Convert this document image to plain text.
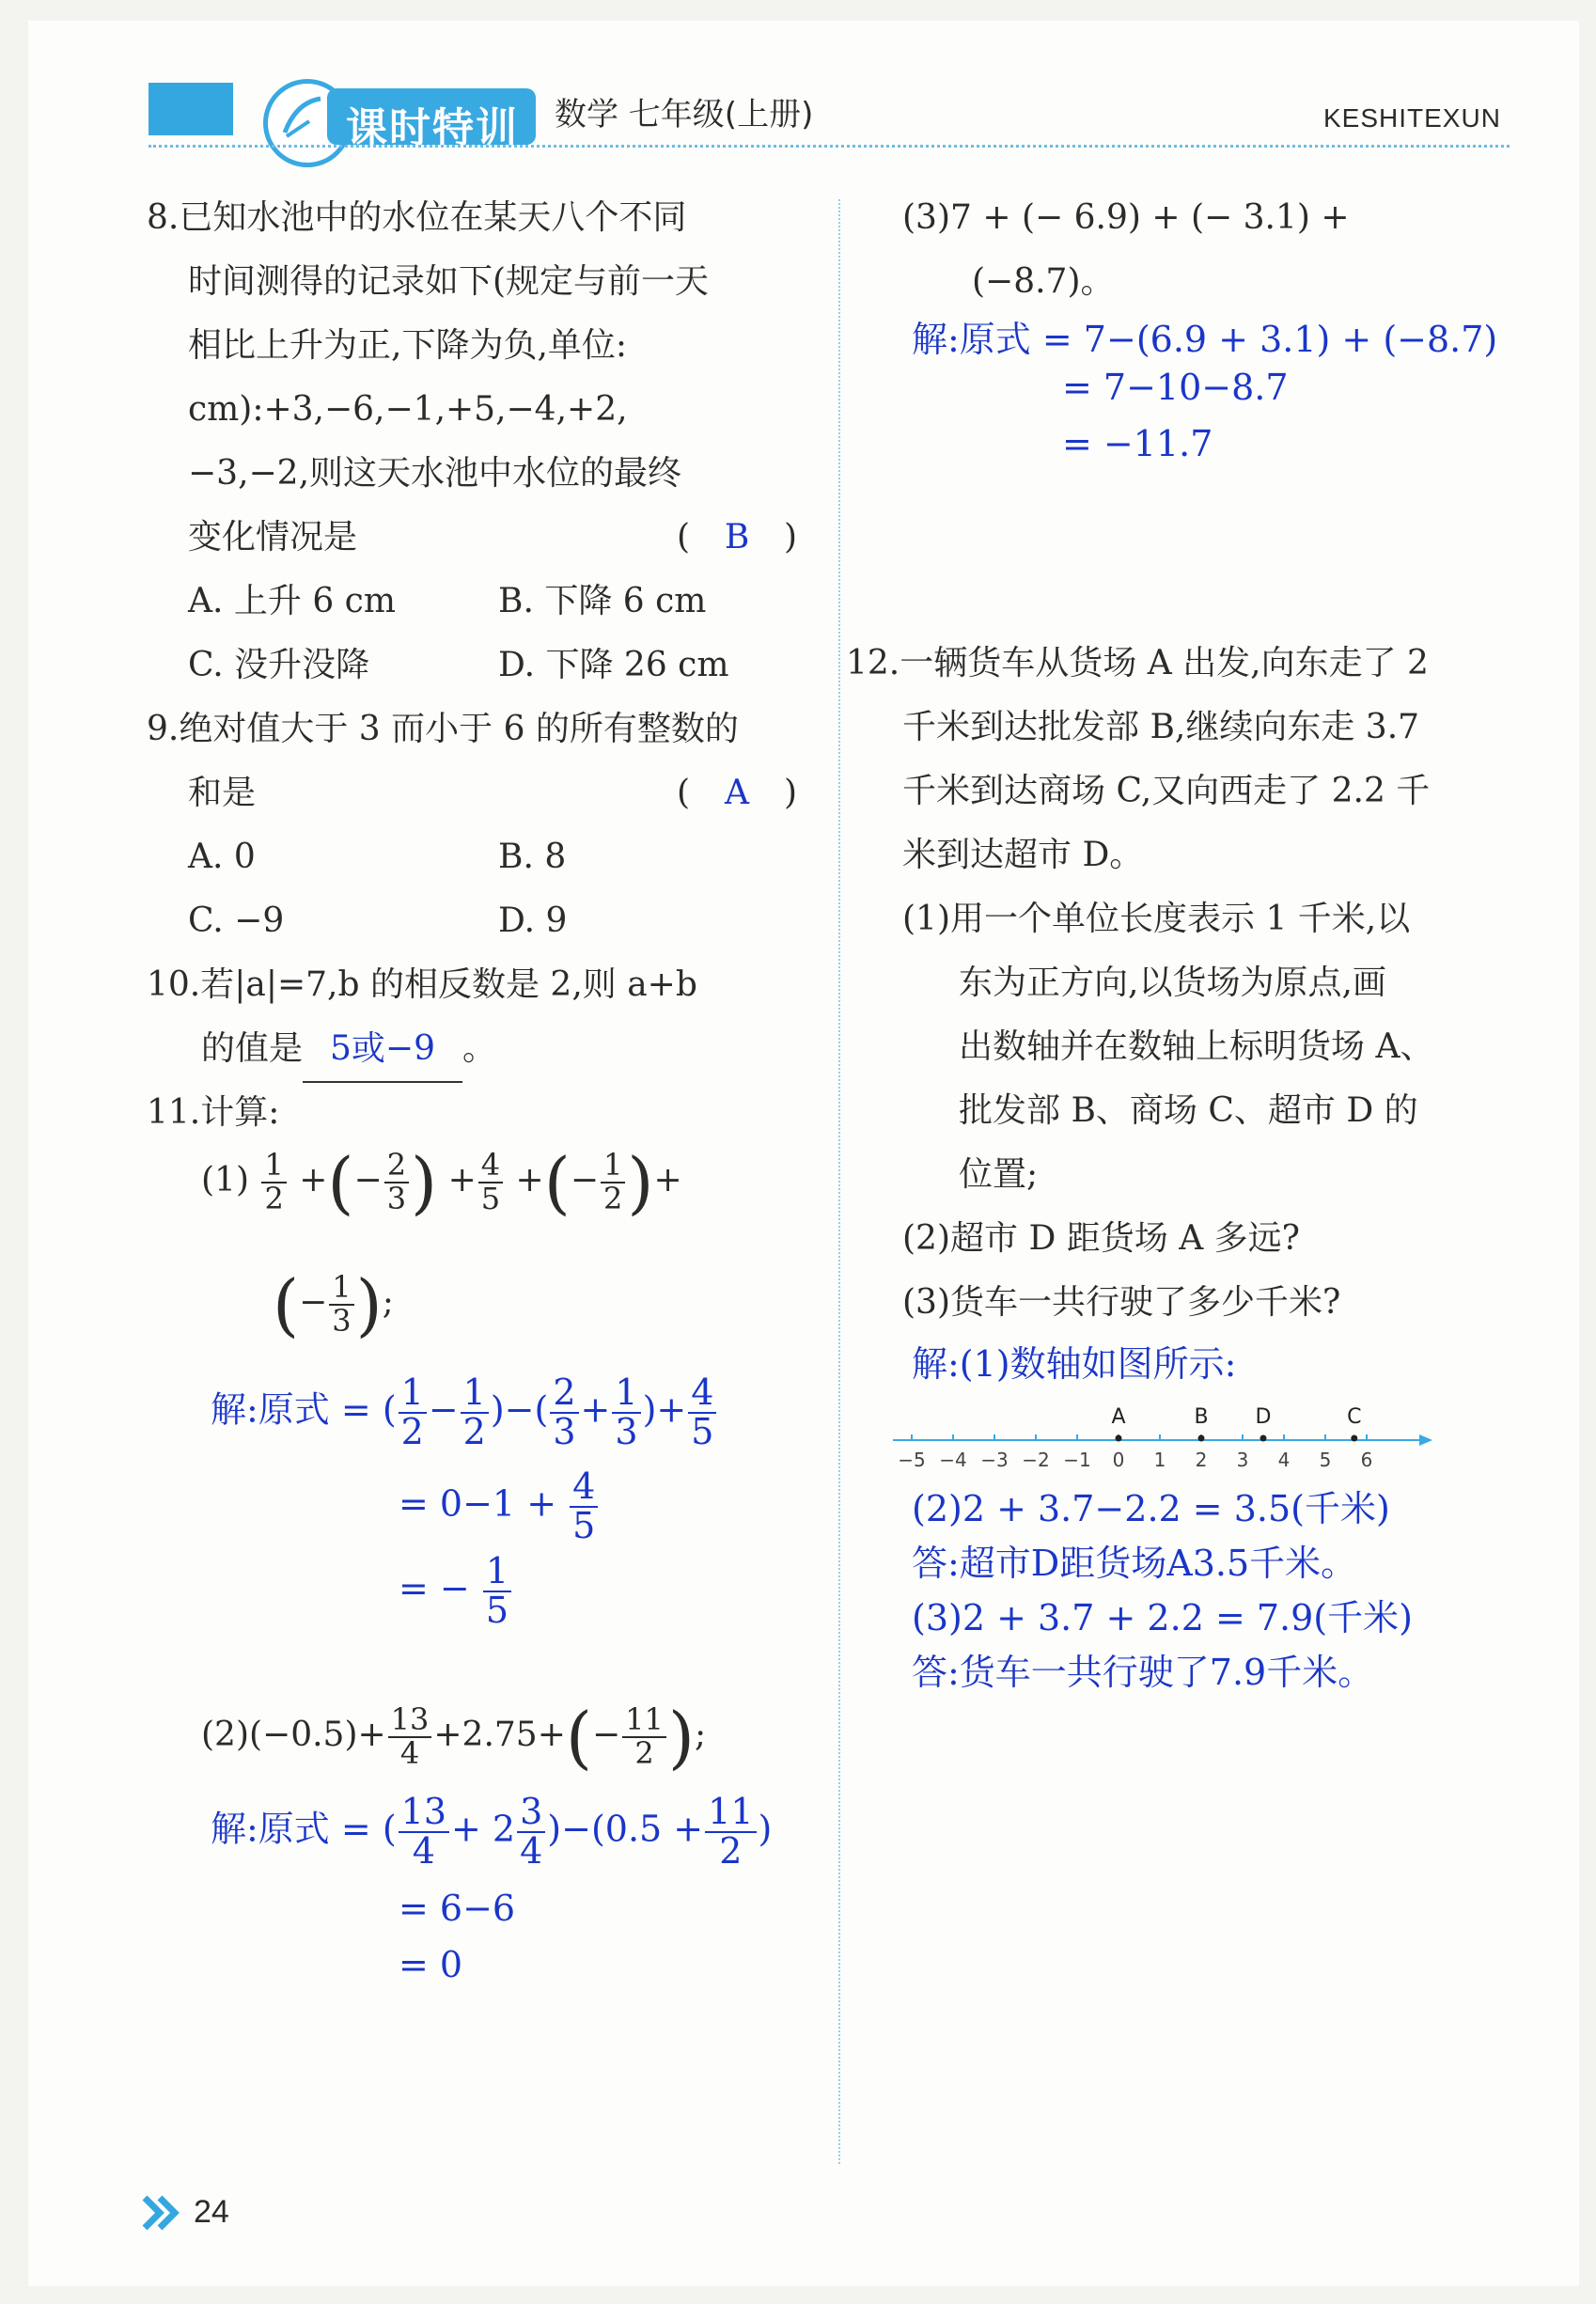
课时特训 数学 七年级(上册)	KESHITEXUN
8.已知水池中的水位在某天八个不同
时间测得的记录如下(规定与前一天
相比上升为正,下降为负,单位:
cm):+3,−6,−1,+5,−4,+2,
−3,−2,则这天水池中水位的最终
变化情况是	( B )
A. 上升 6 cm	B. 下降 6 cm
C. 没升没降	D. 下降 26 cm
9.绝对值大于 3 而小于 6 的所有整数的
和是	( A )
A. 0	B. 8
C. −9	D. 9
10.若|a|=7,b 的相反数是 2,则 a+b
的值是 5或−9 。
11.计算:
$(1) \frac{1}{2}$ +(− $\frac{2}{3}$ ) + $\frac{4}{5}$ +(− $\frac{1}{2}$ )+
(− $\frac{1}{3}$ );
解:原式 = ( $\frac{1}{2} - \frac{1}{2}$ )−( $\frac{2}{3} + \frac{1}{3}$ )+ $\frac{4}{5}$
= $0-1 + \frac{4}{5}$
= − $\frac{1}{5}$
$(2)(-0.5)+ \frac{13}{4} +2.75+(- \frac{11}{2}$ );
解:原式 = ( $\frac{13}{4} + 2 \frac{3}{4} )-(0.5 + \frac{11}{2}$ )
= 6−6
= 0
(3)7 + (− 6.9) + (− 3.1) +
(−8.7)。
解:原式 = 7−(6.9 + 3.1) + (−8.7)
= 7−10−8.7
= −11.7
12.一辆货车从货场 A 出发,向东走了 2
千米到达批发部 B,继续向东走 3.7
千米到达商场 C,又向西走了 2.2 千
米到达超市 D。
(1)用一个单位长度表示 1 千米,以
东为正方向,以货场为原点,画
出数轴并在数轴上标明货场 A、
批发部 B、商场 C、超市 D 的
位置;
(2)超市 D 距货场 A 多远?
(3)货车一共行驶了多少千米?
解:(1)数轴如图所示:
−5 −4 −3 −2 −1 0 1 2 3 4 5 6
A	B D	C
(2)2 + 3.7−2.2 = 3.5(千米)
答:超市D距货场A3.5千米。
(3)2 + 3.7 + 2.2 = 7.9(千米)
答:货车一共行驶了7.9千米。
24
